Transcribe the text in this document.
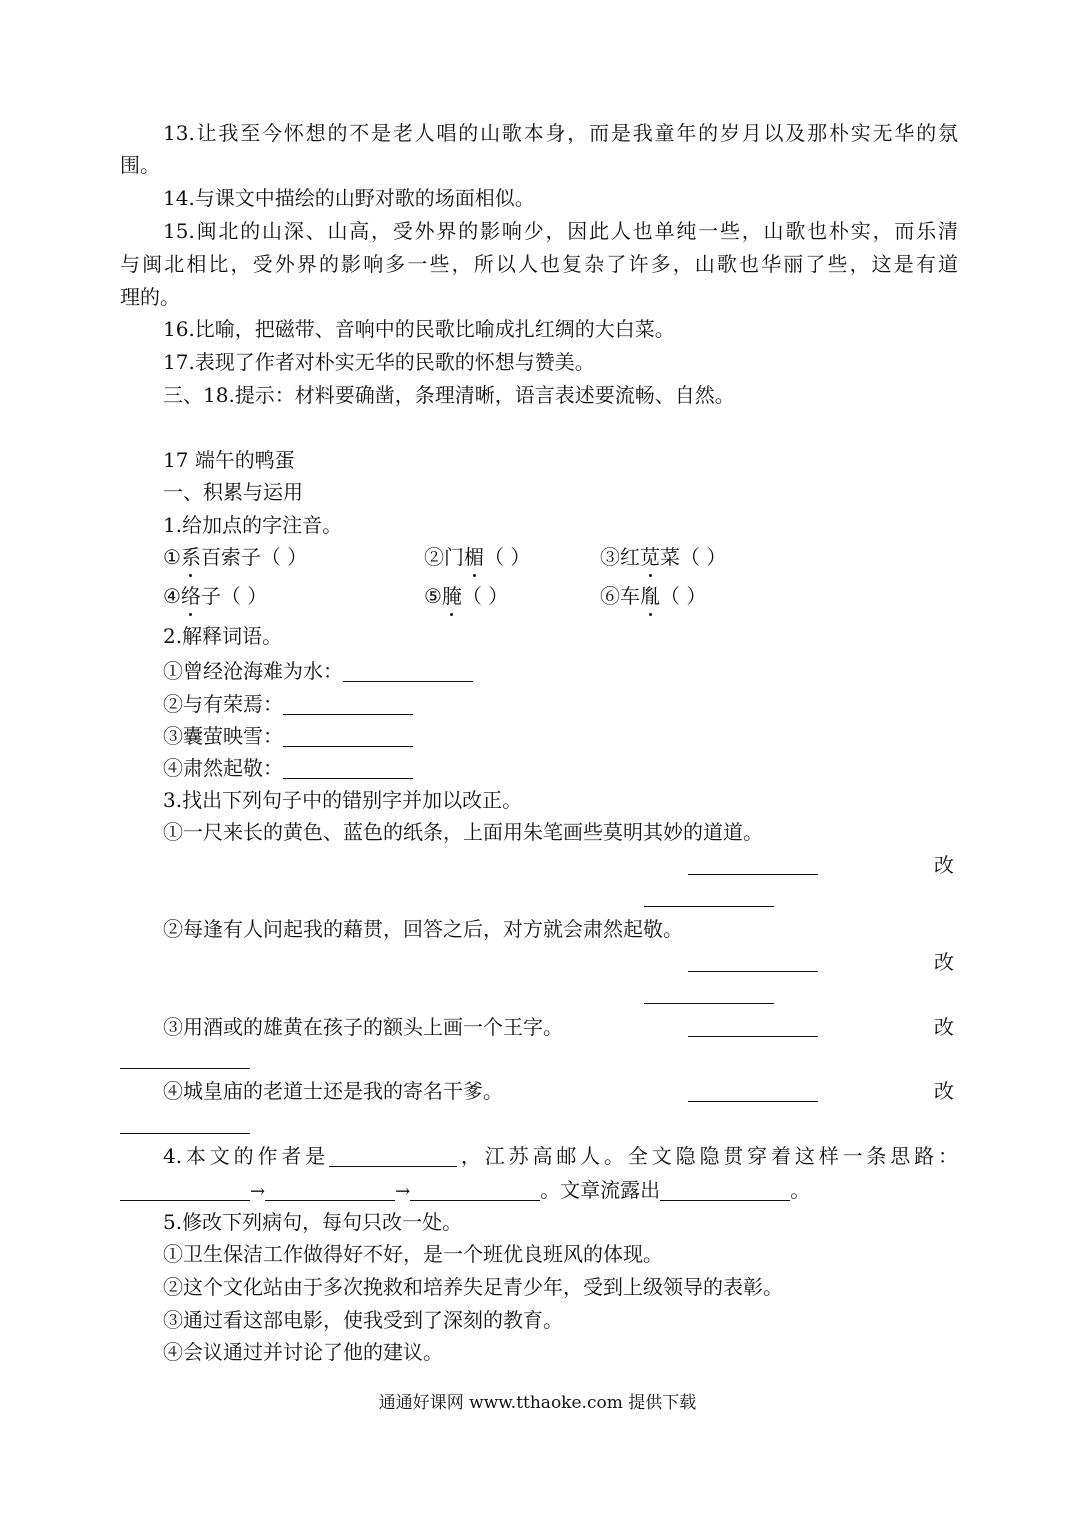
13.让我至今怀想的不是老人唱的山歌本身，而是我童年的岁月以及那朴实无华的氛
围。
14.与课文中描绘的山野对歌的场面相似。
15.闽北的山深、山高，受外界的影响少，因此人也单纯一些，山歌也朴实，而乐清
与闽北相比，受外界的影响多一些，所以人也复杂了许多，山歌也华丽了些，这是有道
理的。
16.比喻，把磁带、音响中的民歌比喻成扎红绸的大白菜。
17.表现了作者对朴实无华的民歌的怀想与赞美。
三、18.提示：材料要确凿，条理清晰，语言表述要流畅、自然。
17 端午的鸭蛋
一、积累与运用
1.给加点的字注音。
①系百索子（ ）	②门楣（ ）	③红苋菜（ ）
④络子（ ）	⑤腌（ ）	⑥车胤（ ）
2.解释词语。
①曾经沧海难为水：
②与有荣焉：
③囊萤映雪：
④肃然起敬：
3.找出下列句子中的错别字并加以改正。
①一尺来长的黄色、蓝色的纸条，上面用朱笔画些莫明其妙的道道。
改
②每逢有人问起我的藉贯，回答之后，对方就会肃然起敬。
改
③用酒或的雄黄在孩子的额头上画一个王字。	改
④城皇庙的老道士还是我的寄名干爹。	改
4.本文的作者是	，江苏高邮人。全文隐隐贯穿着这样一条思路：
→	→	。文章流露出	。
5.修改下列病句，每句只改一处。
①卫生保洁工作做得好不好，是一个班优良班风的体现。
②这个文化站由于多次挽救和培养失足青少年，受到上级领导的表彰。
③通过看这部电影，使我受到了深刻的教育。
④会议通过并讨论了他的建议。
通通好课网 www.tthaoke.com 提供下载
